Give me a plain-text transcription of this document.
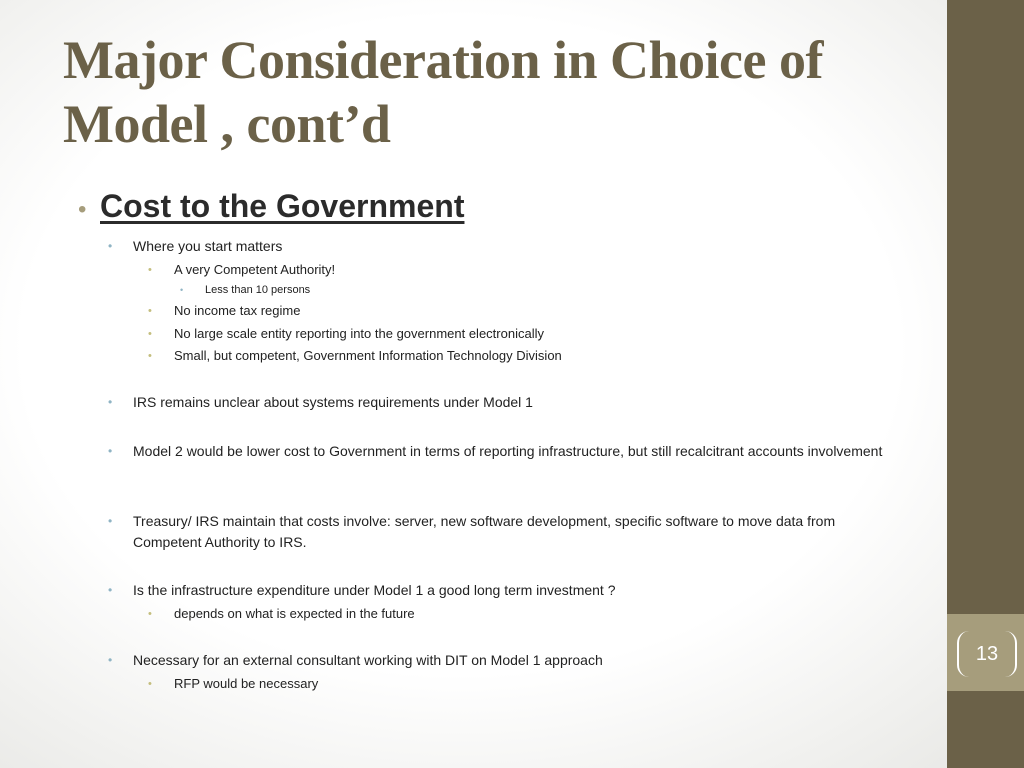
13
Major Consideration in Choice of Model , cont’d
• Cost to the Government
•	Where you start matters
•	A very Competent Authority!
•	Less than 10 persons
•	No income tax regime
•	No large scale entity reporting into the government electronically
•	Small, but competent, Government Information Technology Division
•	IRS remains unclear about systems requirements under Model 1
•	Model 2 would be lower cost to Government in terms of reporting infrastructure, but still recalcitrant accounts involvement
•	Treasury/ IRS maintain that costs involve: server, new software development, specific software to move data from Competent Authority to IRS.
•	Is the infrastructure expenditure under Model 1 a good long term investment ?
•	depends on what is expected in the future
•	Necessary for an external consultant working with DIT on Model 1 approach
•	RFP would be necessary
